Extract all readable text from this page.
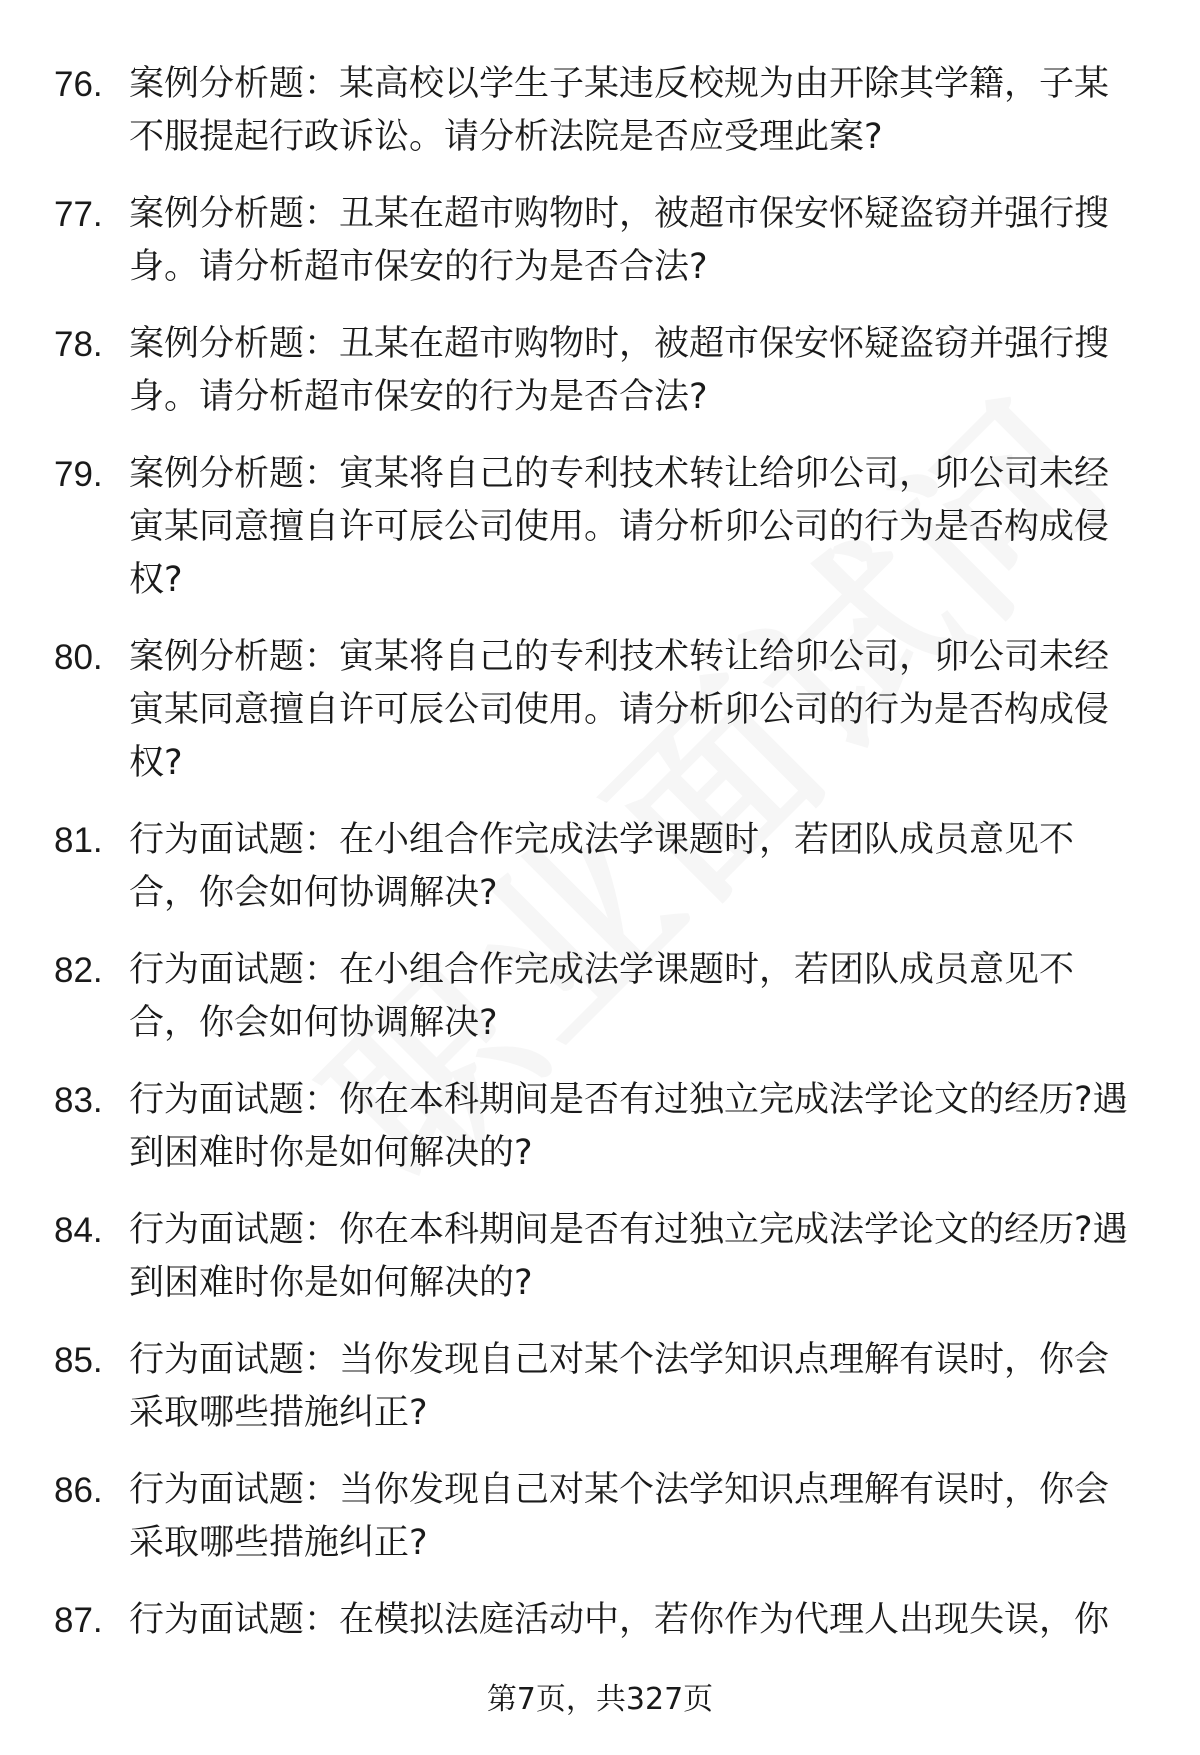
76. 案例分析题：某高校以学生子某违反校规为由开除其学籍，子某不服提起行政诉讼。请分析法院是否应受理此案?
77. 案例分析题：丑某在超市购物时，被超市保安怀疑盗窃并强行搜身。请分析超市保安的行为是否合法?
78. 案例分析题：丑某在超市购物时，被超市保安怀疑盗窃并强行搜身。请分析超市保安的行为是否合法?
79. 案例分析题：寅某将自己的专利技术转让给卯公司，卯公司未经寅某同意擅自许可辰公司使用。请分析卯公司的行为是否构成侵权?
80. 案例分析题：寅某将自己的专利技术转让给卯公司，卯公司未经寅某同意擅自许可辰公司使用。请分析卯公司的行为是否构成侵权?
81. 行为面试题：在小组合作完成法学课题时，若团队成员意见不合，你会如何协调解决?
82. 行为面试题：在小组合作完成法学课题时，若团队成员意见不合，你会如何协调解决?
83. 行为面试题：你在本科期间是否有过独立完成法学论文的经历?遇到困难时你是如何解决的?
84. 行为面试题：你在本科期间是否有过独立完成法学论文的经历?遇到困难时你是如何解决的?
85. 行为面试题：当你发现自己对某个法学知识点理解有误时，你会采取哪些措施纠正?
86. 行为面试题：当你发现自己对某个法学知识点理解有误时，你会采取哪些措施纠正?
87. 行为面试题：在模拟法庭活动中，若你作为代理人出现失误，你
第7页，共327页
